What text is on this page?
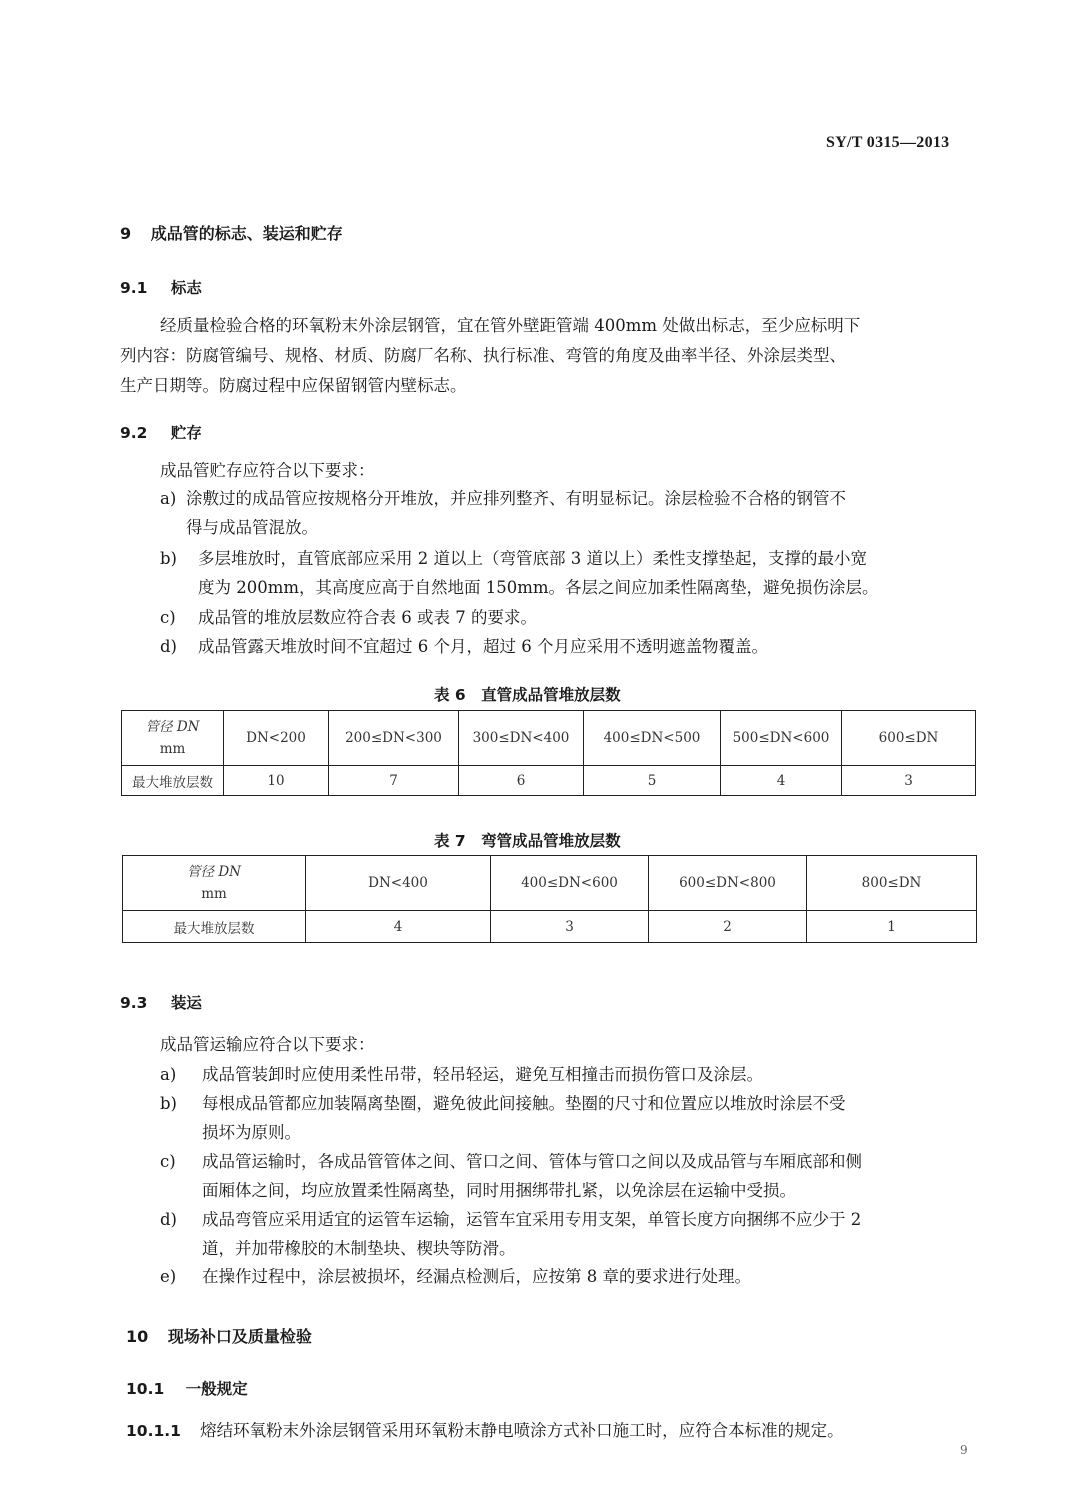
SY/T 0315—2013
9 成品管的标志、装运和贮存
9.1 标志
经质量检验合格的环氧粉末外涂层钢管，宜在管外壁距管端 400mm 处做出标志，至少应标明下
列内容：防腐管编号、规格、材质、防腐厂名称、执行标准、弯管的角度及曲率半径、外涂层类型、
生产日期等。防腐过程中应保留钢管内壁标志。
9.2 贮存
成品管贮存应符合以下要求：
a) 涂敷过的成品管应按规格分开堆放，并应排列整齐、有明显标记。涂层检验不合格的钢管不
得与成品管混放。
b)	多层堆放时，直管底部应采用 2 道以上（弯管底部 3 道以上）柔性支撑垫起，支撑的最小宽
度为 200mm，其高度应高于自然地面 150mm。各层之间应加柔性隔离垫，避免损伤涂层。
c)	成品管的堆放层数应符合表 6 或表 7 的要求。
d)	成品管露天堆放时间不宜超过 6 个月，超过 6 个月应采用不透明遮盖物覆盖。
表 6　直管成品管堆放层数
管径 DN
mm	DN<200	200≤DN<300	300≤DN<400	400≤DN<500	500≤DN<600	600≤DN
最大堆放层数	10	7	6	5	4	3
表 7　弯管成品管堆放层数
管径 DN
mm	DN<400	400≤DN<600	600≤DN<800	800≤DN
最大堆放层数	4	3	2	1
9.3 装运
成品管运输应符合以下要求：
a)	成品管装卸时应使用柔性吊带，轻吊轻运，避免互相撞击而损伤管口及涂层。
b)	每根成品管都应加装隔离垫圈，避免彼此间接触。垫圈的尺寸和位置应以堆放时涂层不受
损坏为原则。
c)	成品管运输时，各成品管管体之间、管口之间、管体与管口之间以及成品管与车厢底部和侧
面厢体之间，均应放置柔性隔离垫，同时用捆绑带扎紧，以免涂层在运输中受损。
d)	成品弯管应采用适宜的运管车运输，运管车宜采用专用支架，单管长度方向捆绑不应少于 2
道，并加带橡胶的木制垫块、楔块等防滑。
e)	在操作过程中，涂层被损坏，经漏点检测后，应按第 8 章的要求进行处理。
10 现场补口及质量检验
10.1 一般规定
10.1.1 熔结环氧粉末外涂层钢管采用环氧粉末静电喷涂方式补口施工时，应符合本标准的规定。
9
